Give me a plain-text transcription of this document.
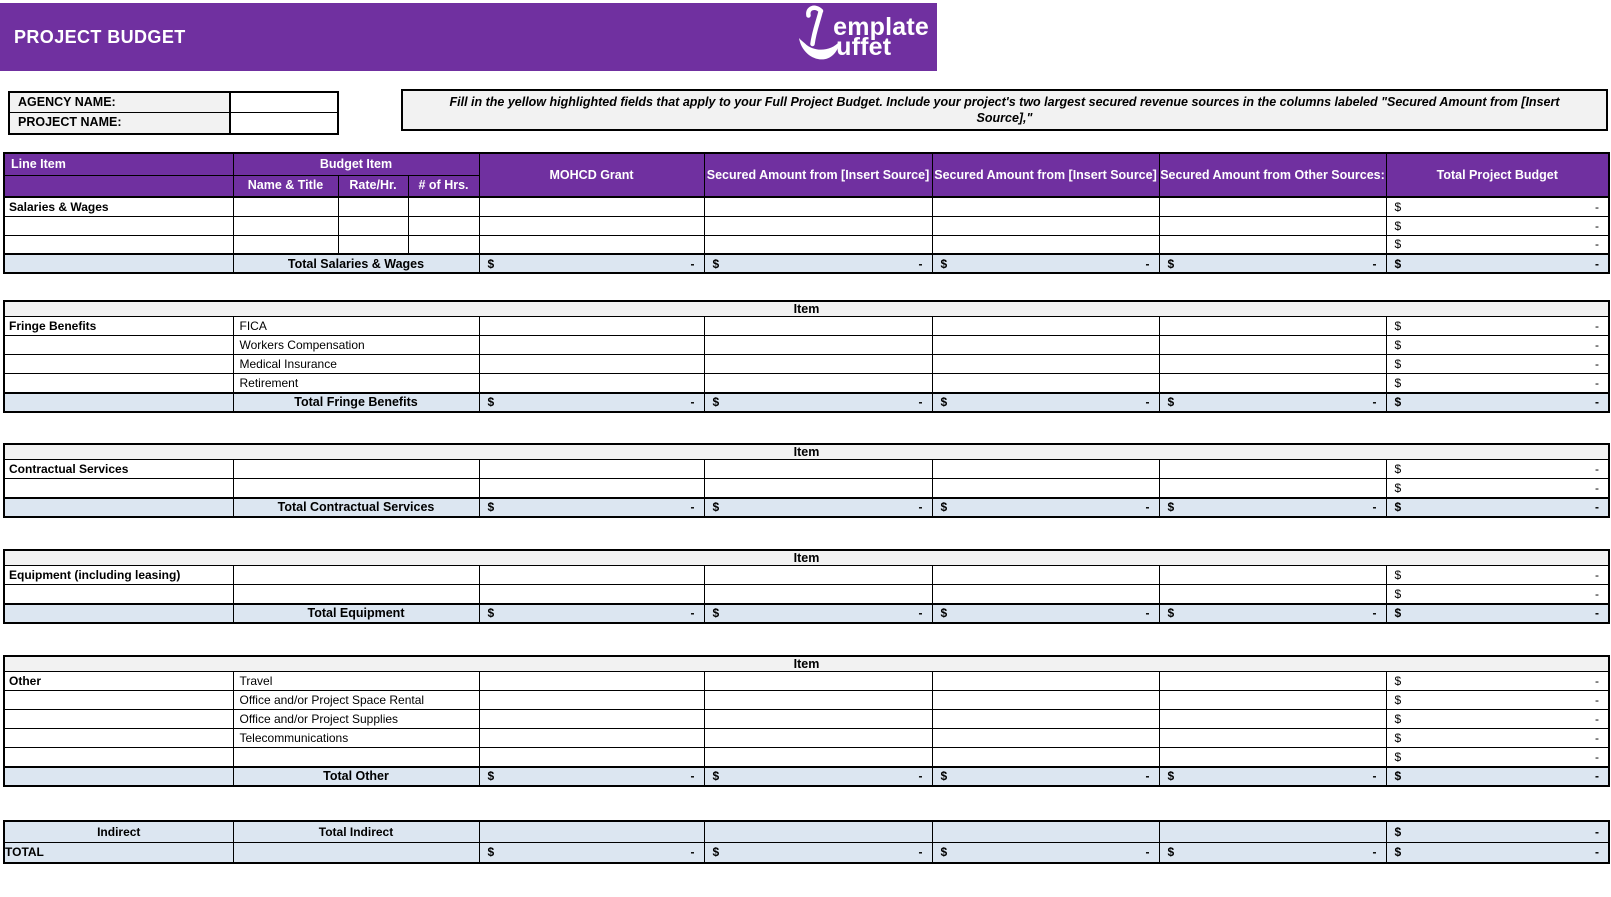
PROJECT BUDGET	emplate
uffet
AGENCY NAME:
PROJECT NAME:
Fill in the yellow highlighted fields that apply to your Full Project Budget. Include your project's two largest secured revenue sources in the columns labeled "Secured Amount from [Insert Source],"
Line Item	Budget Item			MOHCD Grant	Secured Amount from [Insert Source]	Secured Amount from [Insert Source]	Secured Amount from Other Sources:	Total Project Budget
	Name & Title	Rate/Hr.	# of Hrs.					
Salaries & Wages								$ -

								$ -

								$ -

	Total Salaries & Wages			$ -	$ -	$ -	$ -	$ -
Item						
Fringe Benefits	FICA					$ -

	Workers Compensation					$ -

	Medical Insurance					$ -

	Retirement					$ -

	Total Fringe Benefits	$ -	$ -	$ -	$ -	$ -
Item						
Contractual Services						$ -

						$ -

	Total Contractual Services	$ -	$ -	$ -	$ -	$ -
Item						
Equipment (including leasing)						$ -

						$ -

	Total Equipment	$ -	$ -	$ -	$ -	$ -
Item						
Other	Travel					$ -

	Office and/or Project Space Rental					$ -

	Office and/or Project Supplies					$ -

	Telecommunications					$ -

						$ -

	Total Other	$ -	$ -	$ -	$ -	$ -
Indirect	Total Indirect					$ -

TOTAL		$ -	$ -	$ -	$ -	$ -
